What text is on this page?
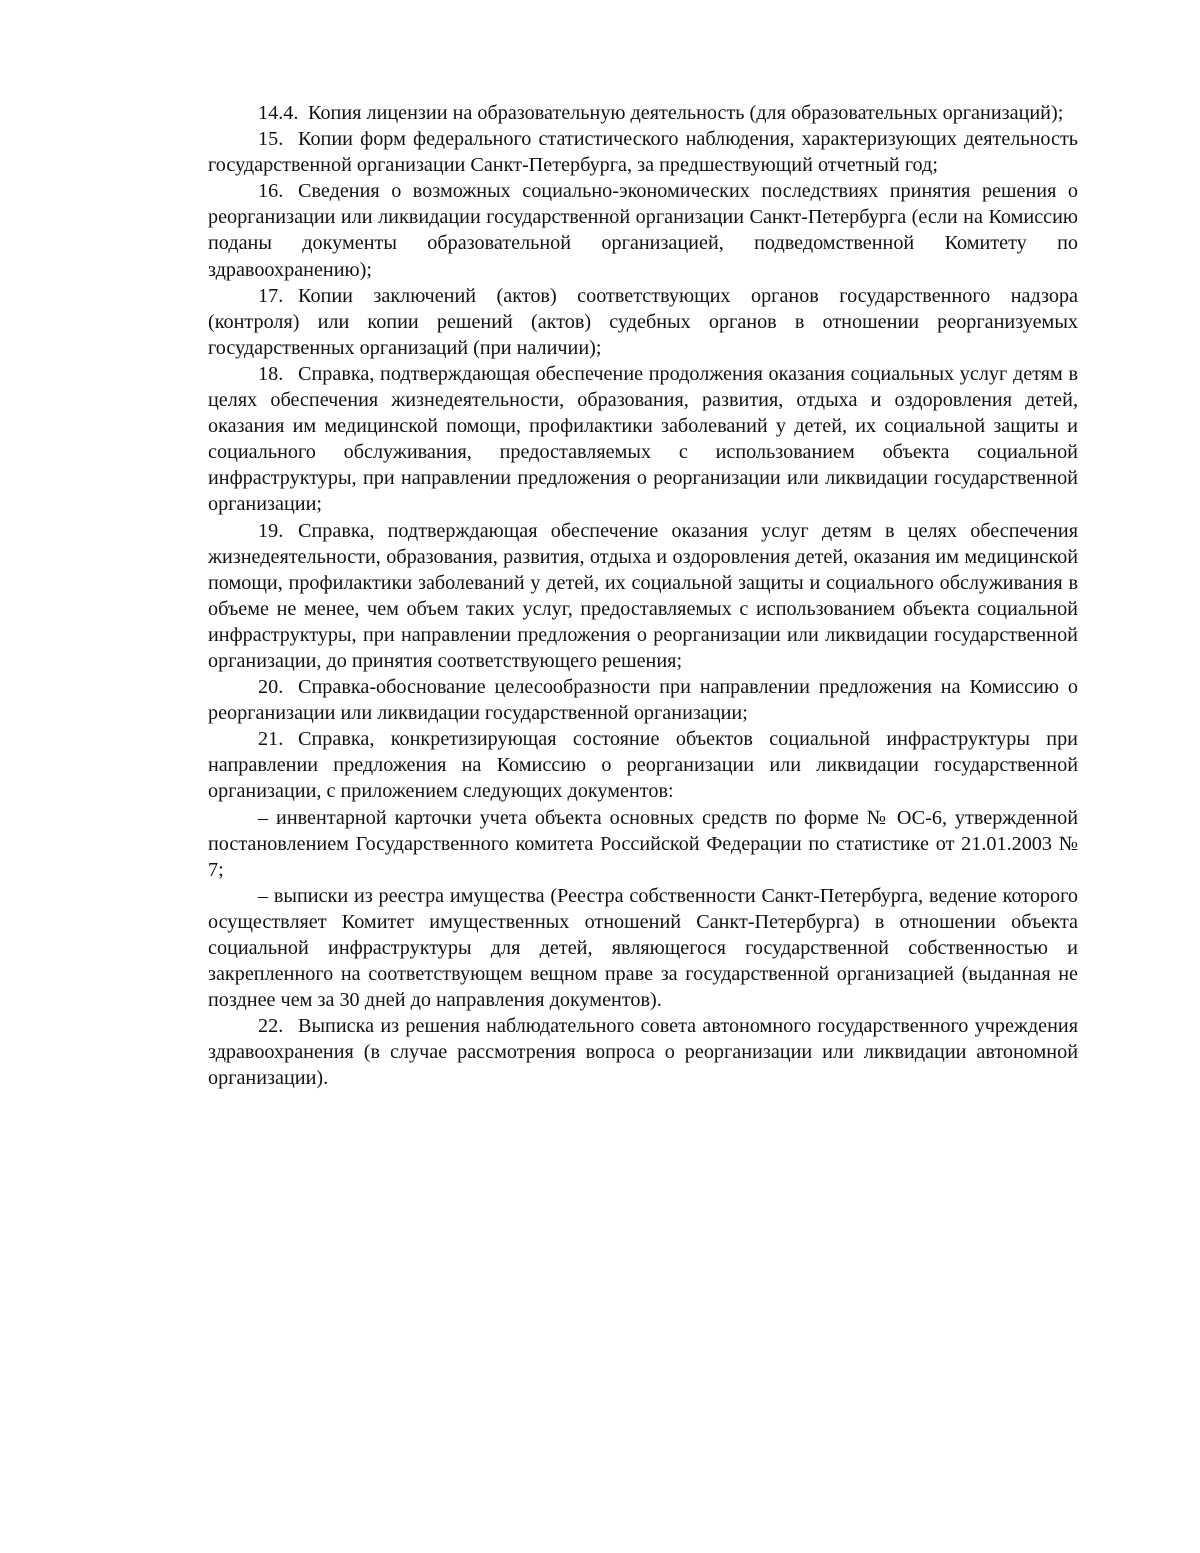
14.4. Копия лицензии на образовательную деятельность (для образовательных организаций);

15. Копии форм федерального статистического наблюдения, характеризующих деятельность государственной организации Санкт-Петербурга, за предшествующий отчетный год;

16. Сведения о возможных социально-экономических последствиях принятия решения о реорганизации или ликвидации государственной организации Санкт-Петербурга (если на Комиссию поданы документы образовательной организацией, подведомственной Комитету по здравоохранению);

17. Копии заключений (актов) соответствующих органов государственного надзора (контроля) или копии решений (актов) судебных органов в отношении реорганизуемых государственных организаций (при наличии);

18. Справка, подтверждающая обеспечение продолжения оказания социальных услуг детям в целях обеспечения жизнедеятельности, образования, развития, отдыха и оздоровления детей, оказания им медицинской помощи, профилактики заболеваний у детей, их социальной защиты и социального обслуживания, предоставляемых с использованием объекта социальной инфраструктуры, при направлении предложения о реорганизации или ликвидации государственной организации;

19. Справка, подтверждающая обеспечение оказания услуг детям в целях обеспечения жизнедеятельности, образования, развития, отдыха и оздоровления детей, оказания им медицинской помощи, профилактики заболеваний у детей, их социальной защиты и социального обслуживания в объеме не менее, чем объем таких услуг, предоставляемых с использованием объекта социальной инфраструктуры, при направлении предложения о реорганизации или ликвидации государственной организации, до принятия соответствующего решения;

20. Справка-обоснование целесообразности при направлении предложения на Комиссию о реорганизации или ликвидации государственной организации;

21. Справка, конкретизирующая состояние объектов социальной инфраструктуры при направлении предложения на Комиссию о реорганизации или ликвидации государственной организации, с приложением следующих документов:

– инвентарной карточки учета объекта основных средств по форме № ОС-6, утвержденной постановлением Государственного комитета Российской Федерации по статистике от 21.01.2003 № 7;

– выписки из реестра имущества (Реестра собственности Санкт-Петербурга, ведение которого осуществляет Комитет имущественных отношений Санкт-Петербурга) в отношении объекта социальной инфраструктуры для детей, являющегося государственной собственностью и закрепленного на соответствующем вещном праве за государственной организацией (выданная не позднее чем за 30 дней до направления документов).

22. Выписка из решения наблюдательного совета автономного государственного учреждения здравоохранения (в случае рассмотрения вопроса о реорганизации или ликвидации автономной организации).
